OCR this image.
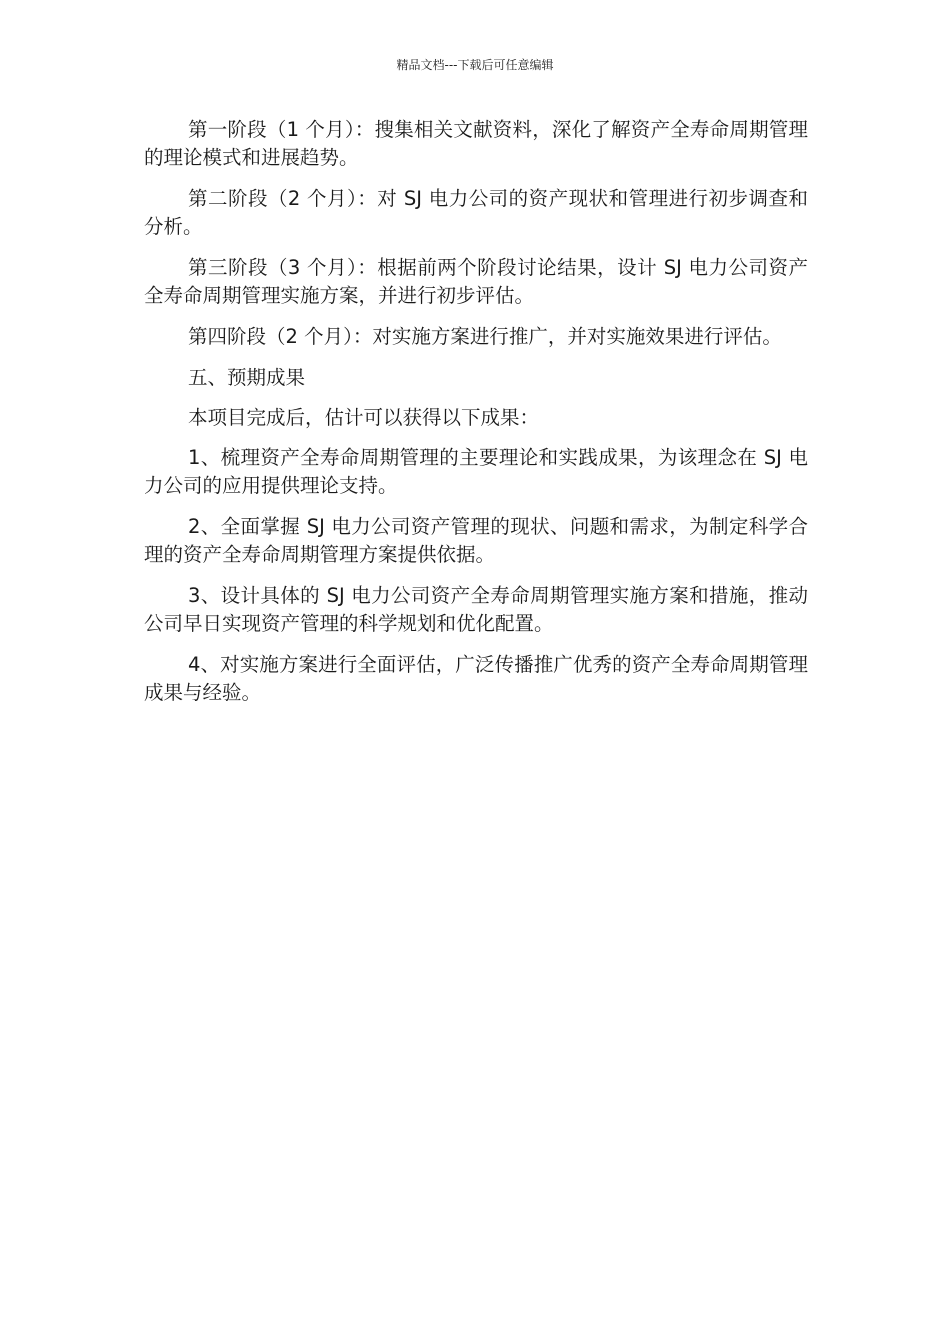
精品文档---下载后可任意编辑

第一阶段（1 个月）：搜集相关文献资料，深化了解资产全寿命周期管理的理论模式和进展趋势。

第二阶段（2 个月）：对 SJ 电力公司的资产现状和管理进行初步调查和分析。

第三阶段（3 个月）：根据前两个阶段讨论结果，设计 SJ 电力公司资产全寿命周期管理实施方案，并进行初步评估。

第四阶段（2 个月）：对实施方案进行推广，并对实施效果进行评估。

五、预期成果

本项目完成后，估计可以获得以下成果：

1、梳理资产全寿命周期管理的主要理论和实践成果，为该理念在 SJ 电力公司的应用提供理论支持。

2、全面掌握 SJ 电力公司资产管理的现状、问题和需求，为制定科学合理的资产全寿命周期管理方案提供依据。

3、设计具体的 SJ 电力公司资产全寿命周期管理实施方案和措施，推动公司早日实现资产管理的科学规划和优化配置。

4、对实施方案进行全面评估，广泛传播推广优秀的资产全寿命周期管理成果与经验。
